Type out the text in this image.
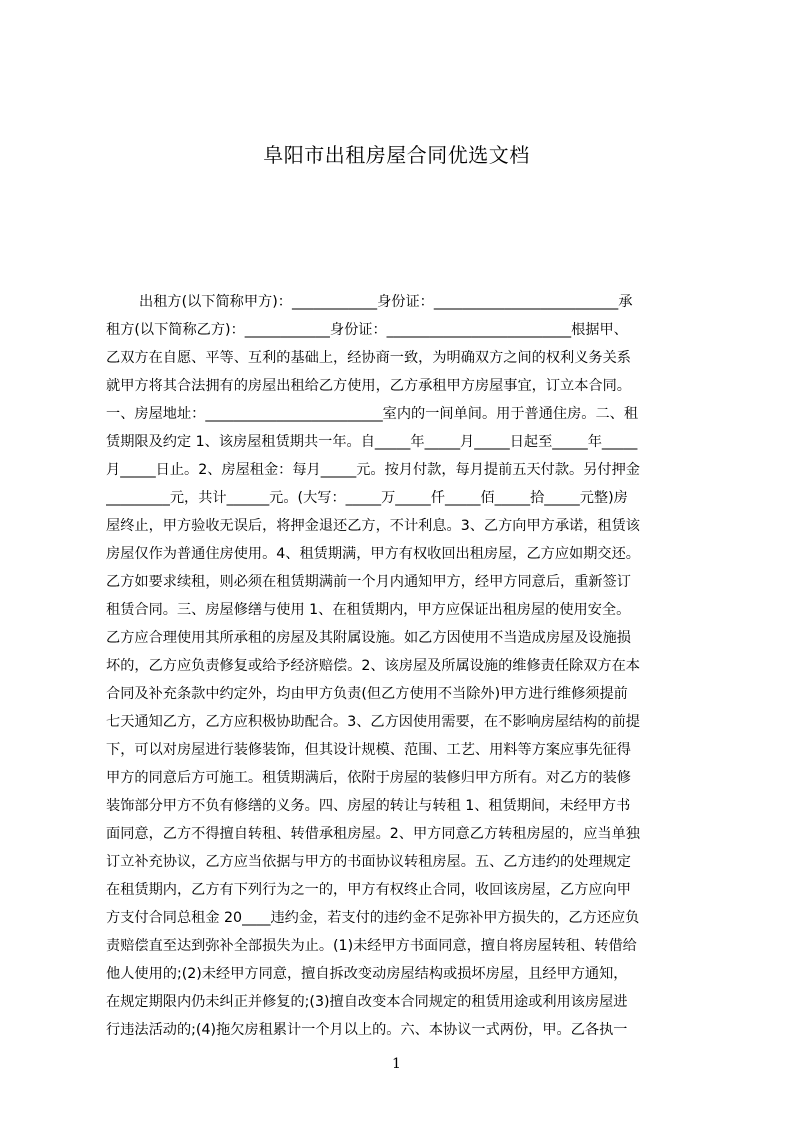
阜阳市出租房屋合同优选文档
出租方(以下简称甲方)：____________身份证：__________________________承
租方(以下简称乙方)：____________身份证：__________________________根据甲、
乙双方在自愿、平等、互利的基础上，经协商一致，为明确双方之间的权利义务关系
就甲方将其合法拥有的房屋出租给乙方使用，乙方承租甲方房屋事宜，订立本合同。
一、房屋地址：_________________________室内的一间单间。用于普通住房。二、租
赁期限及约定 1、该房屋租赁期共一年。自_____年_____月_____日起至_____年_____
月_____日止。2、房屋租金：每月_____元。按月付款，每月提前五天付款。另付押金
_________元，共计______元。(大写：_____万_____仟_____佰_____拾_____元整)房
屋终止，甲方验收无误后，将押金退还乙方，不计利息。3、乙方向甲方承诺，租赁该
房屋仅作为普通住房使用。4、租赁期满，甲方有权收回出租房屋，乙方应如期交还。
乙方如要求续租，则必须在租赁期满前一个月内通知甲方，经甲方同意后，重新签订
租赁合同。三、房屋修缮与使用 1、在租赁期内，甲方应保证出租房屋的使用安全。
乙方应合理使用其所承租的房屋及其附属设施。如乙方因使用不当造成房屋及设施损
坏的，乙方应负责修复或给予经济赔偿。2、该房屋及所属设施的维修责任除双方在本
合同及补充条款中约定外，均由甲方负责(但乙方使用不当除外)甲方进行维修须提前
七天通知乙方，乙方应积极协助配合。3、乙方因使用需要，在不影响房屋结构的前提
下，可以对房屋进行装修装饰，但其设计规模、范围、工艺、用料等方案应事先征得
甲方的同意后方可施工。租赁期满后，依附于房屋的装修归甲方所有。对乙方的装修
装饰部分甲方不负有修缮的义务。四、房屋的转让与转租 1、租赁期间，未经甲方书
面同意，乙方不得擅自转租、转借承租房屋。2、甲方同意乙方转租房屋的，应当单独
订立补充协议，乙方应当依据与甲方的书面协议转租房屋。五、乙方违约的处理规定
在租赁期内，乙方有下列行为之一的，甲方有权终止合同，收回该房屋，乙方应向甲
方支付合同总租金 20____违约金，若支付的违约金不足弥补甲方损失的，乙方还应负
责赔偿直至达到弥补全部损失为止。(1)未经甲方书面同意，擅自将房屋转租、转借给
他人使用的;(2)未经甲方同意，擅自拆改变动房屋结构或损坏房屋，且经甲方通知，
在规定期限内仍未纠正并修复的;(3)擅自改变本合同规定的租赁用途或利用该房屋进
行违法活动的;(4)拖欠房租累计一个月以上的。六、本协议一式两份，甲。乙各执一
1
